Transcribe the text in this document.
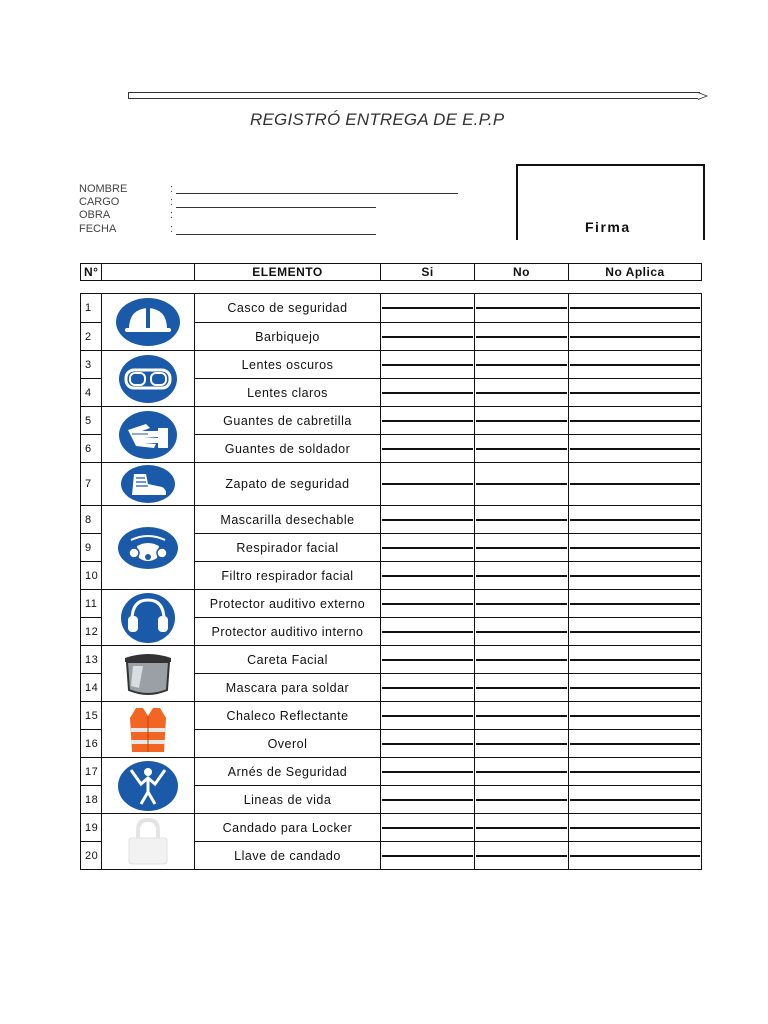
REGISTRÓ ENTREGA DE E.P.P
NOMBRE	:
CARGO	:
OBRA	:
FECHA	:	Firma
N°		ELEMENTO	Si	No	No Aplica
1		Casco de seguridad	

2		Barbiquejo	

3		Lentes oscuros	

4		Lentes claros	

5		Guantes de cabretilla	

6		Guantes de soldador	

7		Zapato de seguridad	

8		Mascarilla desechable	

9		Respirador facial	

10		Filtro respirador facial	

11		Protector auditivo externo	

12		Protector auditivo interno	

13		Careta Facial	

14		Mascara para soldar	

15		Chaleco Reflectante	

16		Overol	

17		Arnés de Seguridad	

18		Lineas de vida	

19		Candado para Locker	

20		Llave de candado	
